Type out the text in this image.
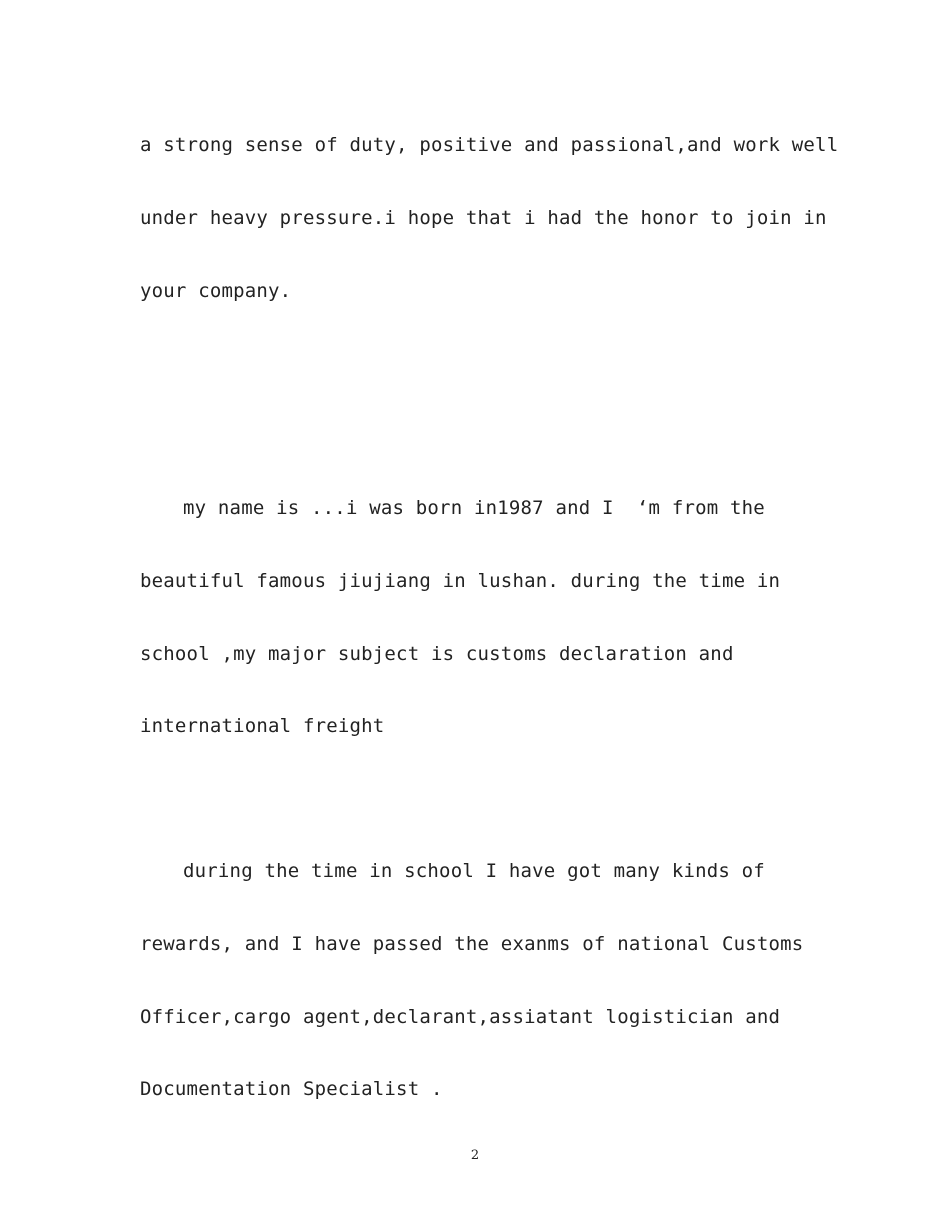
a strong sense of duty, positive and passional,and work well
under heavy pressure.i hope that i had the honor to join in
your company.
my name is ...i was born in1987 and I  ‘m from the
beautiful famous jiujiang in lushan. during the time in
school ,my major subject is customs declaration and
international freight
during the time in school I have got many kinds of
rewards, and I have passed the exanms of national Customs
Officer,cargo agent,declarant,assiatant logistician and
Documentation Specialist .
2
